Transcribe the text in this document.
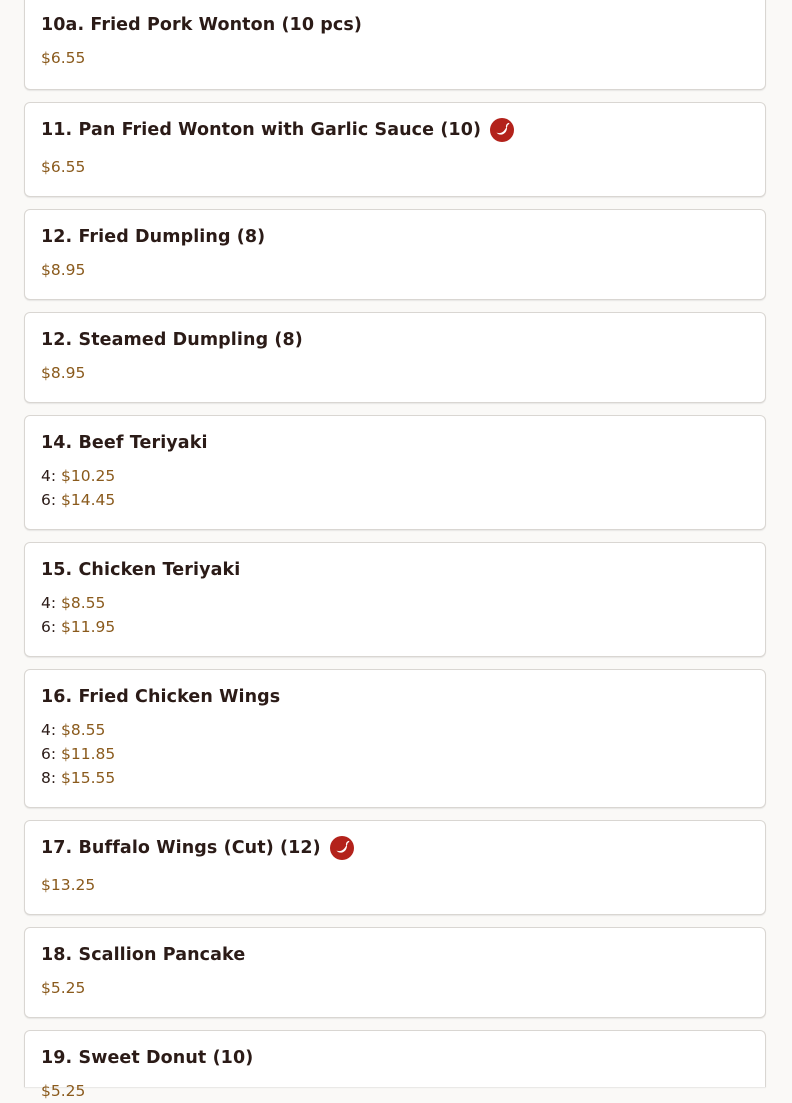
10a. Fried Pork Wonton (10 pcs)
$6.55
11. Pan Fried Wonton with Garlic Sauce (10)
$6.55
12. Fried Dumpling (8)
$8.95
12. Steamed Dumpling (8)
$8.95
14. Beef Teriyaki
4: $10.25
6: $14.45
15. Chicken Teriyaki
4: $8.55
6: $11.95
16. Fried Chicken Wings
4: $8.55
6: $11.85
8: $15.55
17. Buffalo Wings (Cut) (12)
$13.25
18. Scallion Pancake
$5.25
19. Sweet Donut (10)
$5.25
